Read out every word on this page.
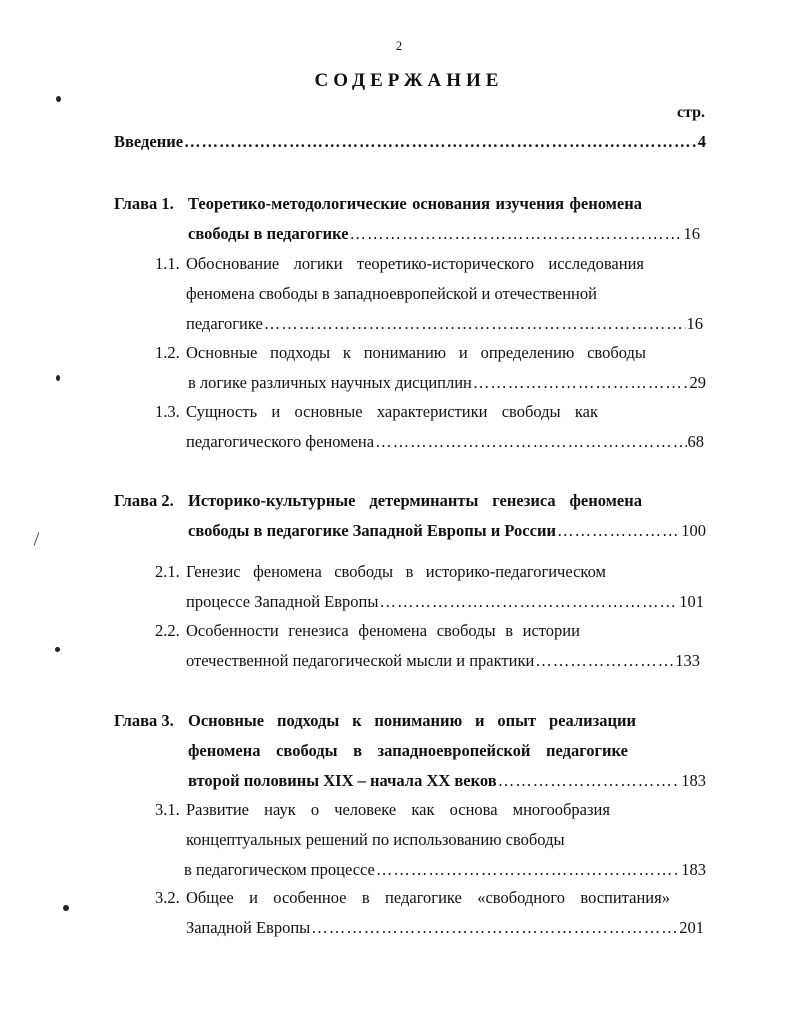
2
СОДЕРЖАНИЕ
стр.
Введение ………………………………………………………………………………………………………………………………………	4
Глава 1. Теоретико-методологические основания изучения феномена
свободы в педагогике ………………………………………………………………………………………………………………………………………	16
1.1. Обоснование логики теоретико-исторического исследования
феномена свободы в западноевропейской и отечественной
педагогике ………………………………………………………………………………………………………………………………………	16
1.2. Основные подходы к пониманию и определению свободы
в логике различных научных дисциплин ………………………………………………………………………………………………………………………………………	29
1.3. Сущность и основные характеристики свободы как
педагогического феномена ………………………………………………………………………………………………………………………………………	68
Глава 2. Историко-культурные детерминанты генезиса феномена
свободы в педагогике Западной Европы и России ………………………………………………………………………………………………………………………………………	100
2.1. Генезис феномена свободы в историко-педагогическом
процессе Западной Европы ………………………………………………………………………………………………………………………………………	101
2.2. Особенности генезиса феномена свободы в истории
отечественной педагогической мысли и практики ………………………………………………………………………………………………………………………………………	133
Глава 3. Основные подходы к пониманию и опыт реализации
феномена свободы в западноевропейской педагогике
второй половины XIX – начала XX веков ………………………………………………………………………………………………………………………………………	183
3.1. Развитие наук о человеке как основа многообразия
концептуальных решений по использованию свободы
в педагогическом процессе ………………………………………………………………………………………………………………………………………	183
3.2. Общее и особенное в педагогике «свободного воспитания»
Западной Европы ………………………………………………………………………………………………………………………………………	201
